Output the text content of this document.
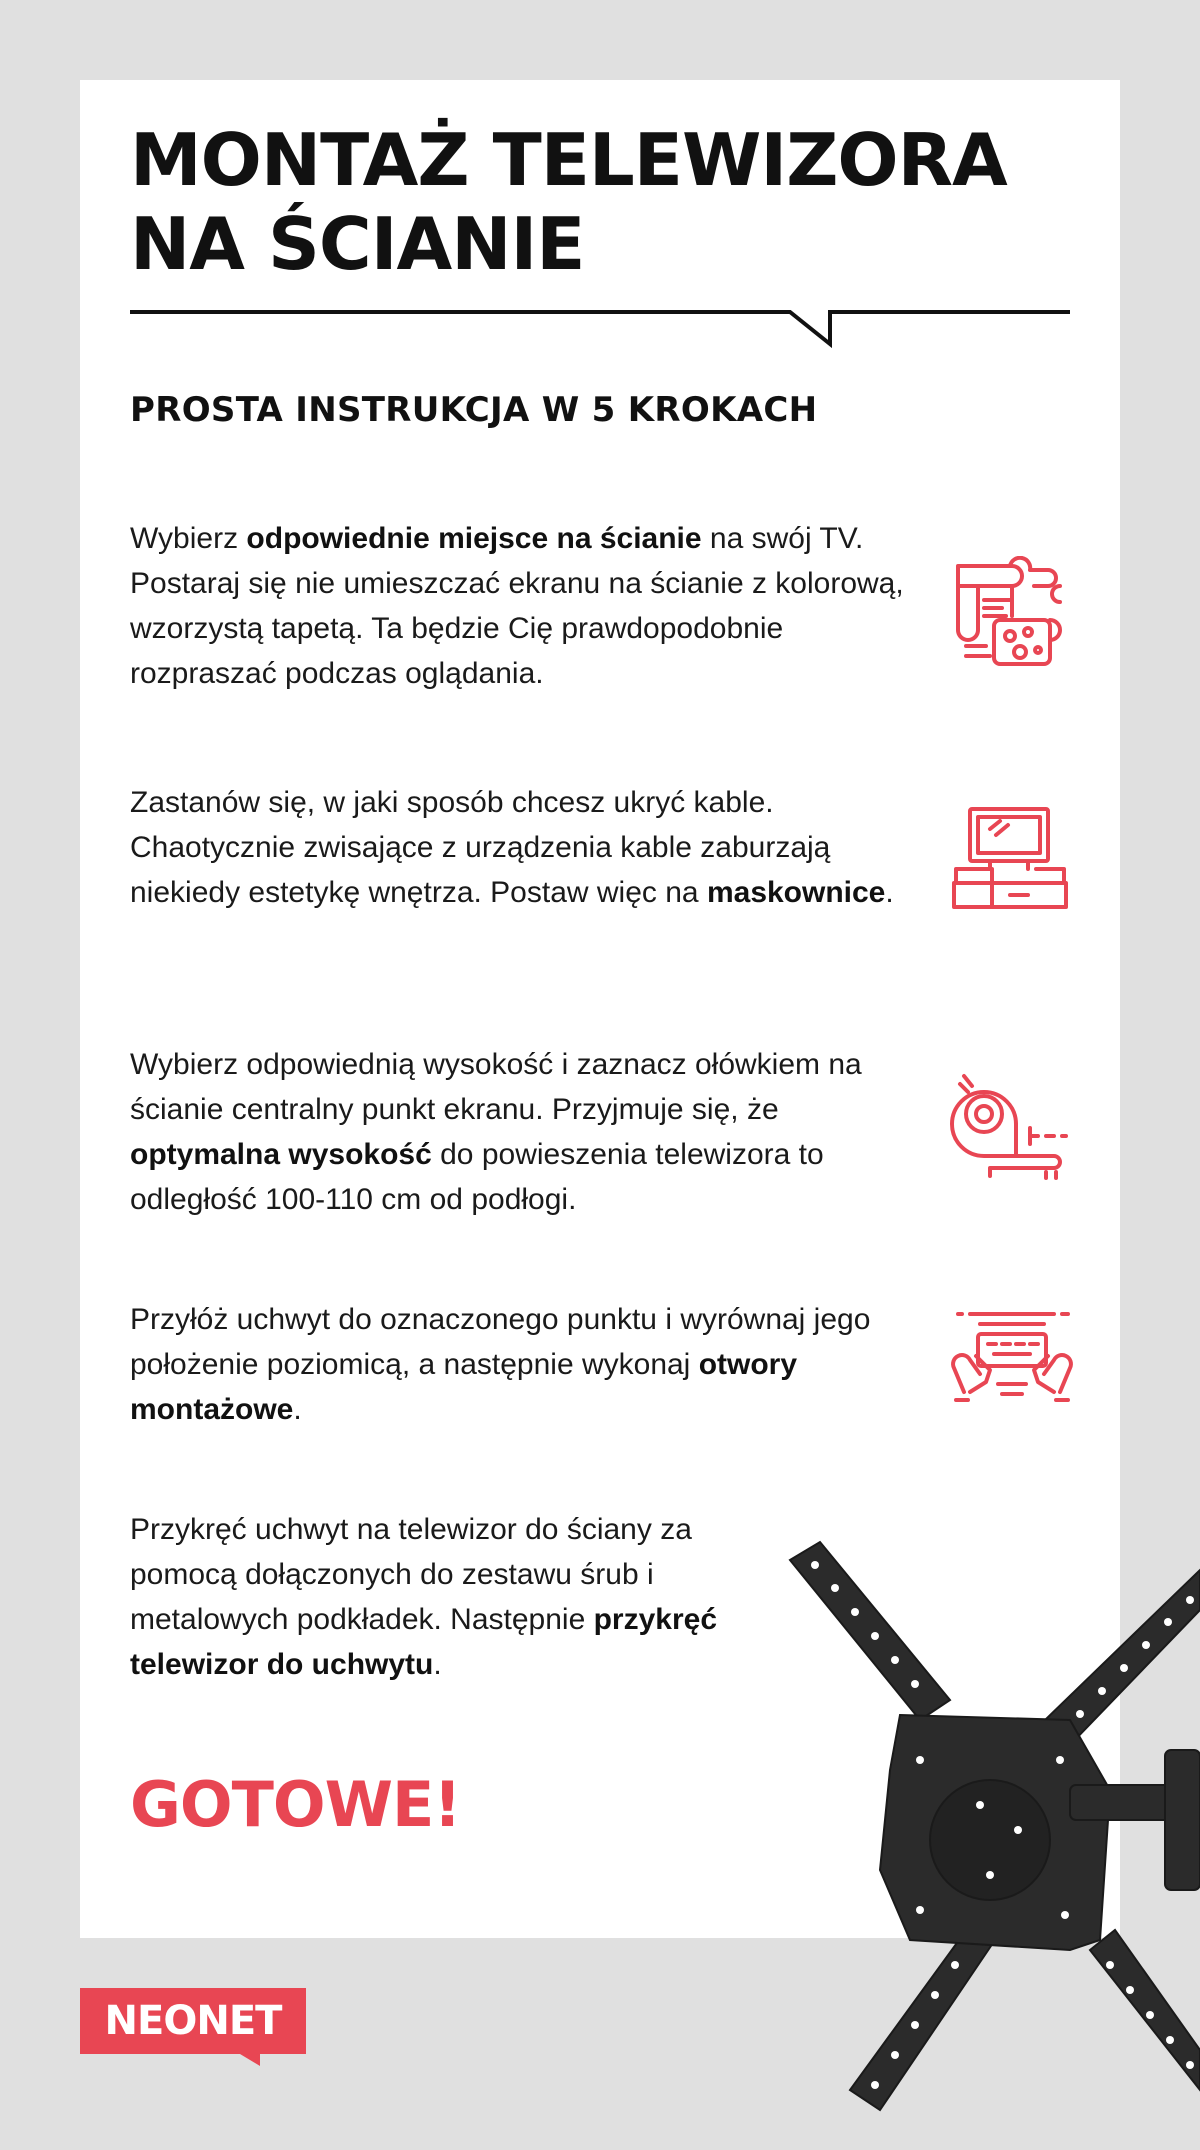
MONTAŻ TELEWIZORA
NA ŚCIANIE
PROSTA INSTRUKCJA W 5 KROKACH

Wybierz odpowiednie miejsce na ścianie na swój TV. Postaraj się nie umieszczać ekranu na ścianie z kolorową, wzorzystą tapetą. Ta będzie Cię prawdopodobnie rozpraszać podczas oglądania.

Zastanów się, w jaki sposób chcesz ukryć kable. Chaotycznie zwisające z urządzenia kable zaburzają niekiedy estetykę wnętrza. Postaw więc na maskownice.

Wybierz odpowiednią wysokość i zaznacz ołówkiem na ścianie centralny punkt ekranu. Przyjmuje się, że optymalna wysokość do powieszenia telewizora to odległość 100-110 cm od podłogi.

Przyłóż uchwyt do oznaczonego punktu i wyrównaj jego położenie poziomicą, a następnie wykonaj otwory montażowe.

Przykręć uchwyt na telewizor do ściany za pomocą dołączonych do zestawu śrub i metalowych podkładek. Następnie przykręć telewizor do uchwytu.

GOTOWE!
NEONET
